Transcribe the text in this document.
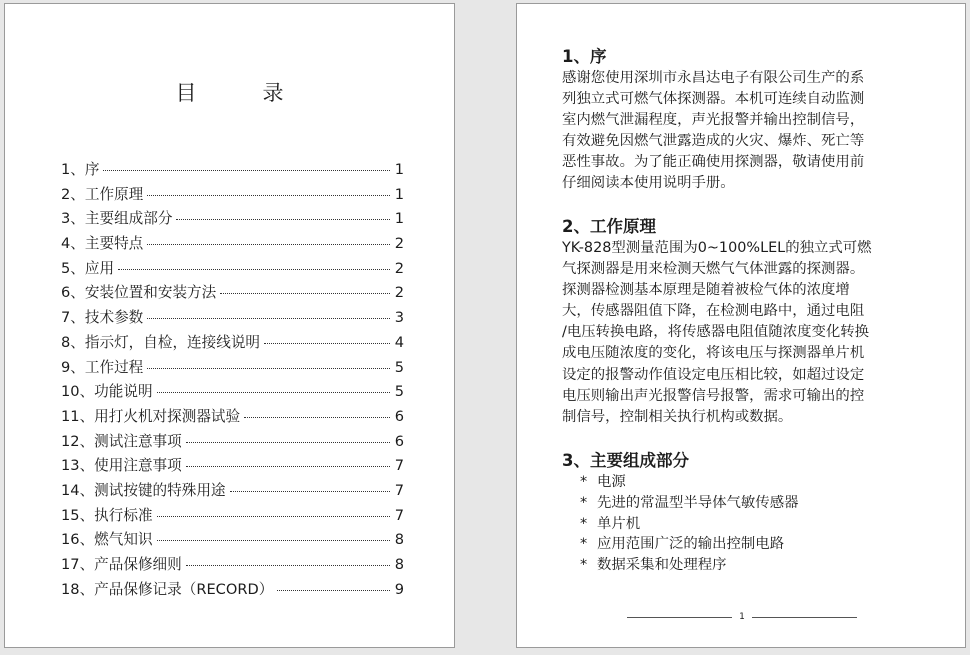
目	录
1、序	1
2、工作原理	1
3、主要组成部分	1
4、主要特点	2
5、应用	2
6、安装位置和安装方法	2
7、技术参数	3
8、指示灯，自检，连接线说明	4
9、工作过程	5
10、功能说明	5
11、用打火机对探测器试验	6
12、测试注意事项	6
13、使用注意事项	7
14、测试按键的特殊用途	7
15、执行标准	7
16、燃气知识	8
17、产品保修细则	8
18、产品保修记录（RECORD）	9
1、序

感谢您使用深圳市永昌达电子有限公司生产的系

列独立式可燃气体探测器。本机可连续自动监测

室内燃气泄漏程度，声光报警并输出控制信号，

有效避免因燃气泄露造成的火灾、爆炸、死亡等

恶性事故。为了能正确使用探测器，敬请使用前

仔细阅读本使用说明手册。

2、工作原理

YK-828型测量范围为0~100%LEL的独立式可燃

气探测器是用来检测天燃气气体泄露的探测器。

探测器检测基本原理是随着被检气体的浓度增

大，传感器阻值下降，在检测电路中，通过电阻

/电压转换电路，将传感器电阻值随浓度变化转换

成电压随浓度的变化，将该电压与探测器单片机

设定的报警动作值设定电压相比较，如超过设定

电压则输出声光报警信号报警，需求可输出的控

制信号，控制相关执行机构或数据。

3、主要组成部分
* 电源
* 先进的常温型半导体气敏传感器
* 单片机
* 应用范围广泛的输出控制电路
* 数据采集和处理程序
1
